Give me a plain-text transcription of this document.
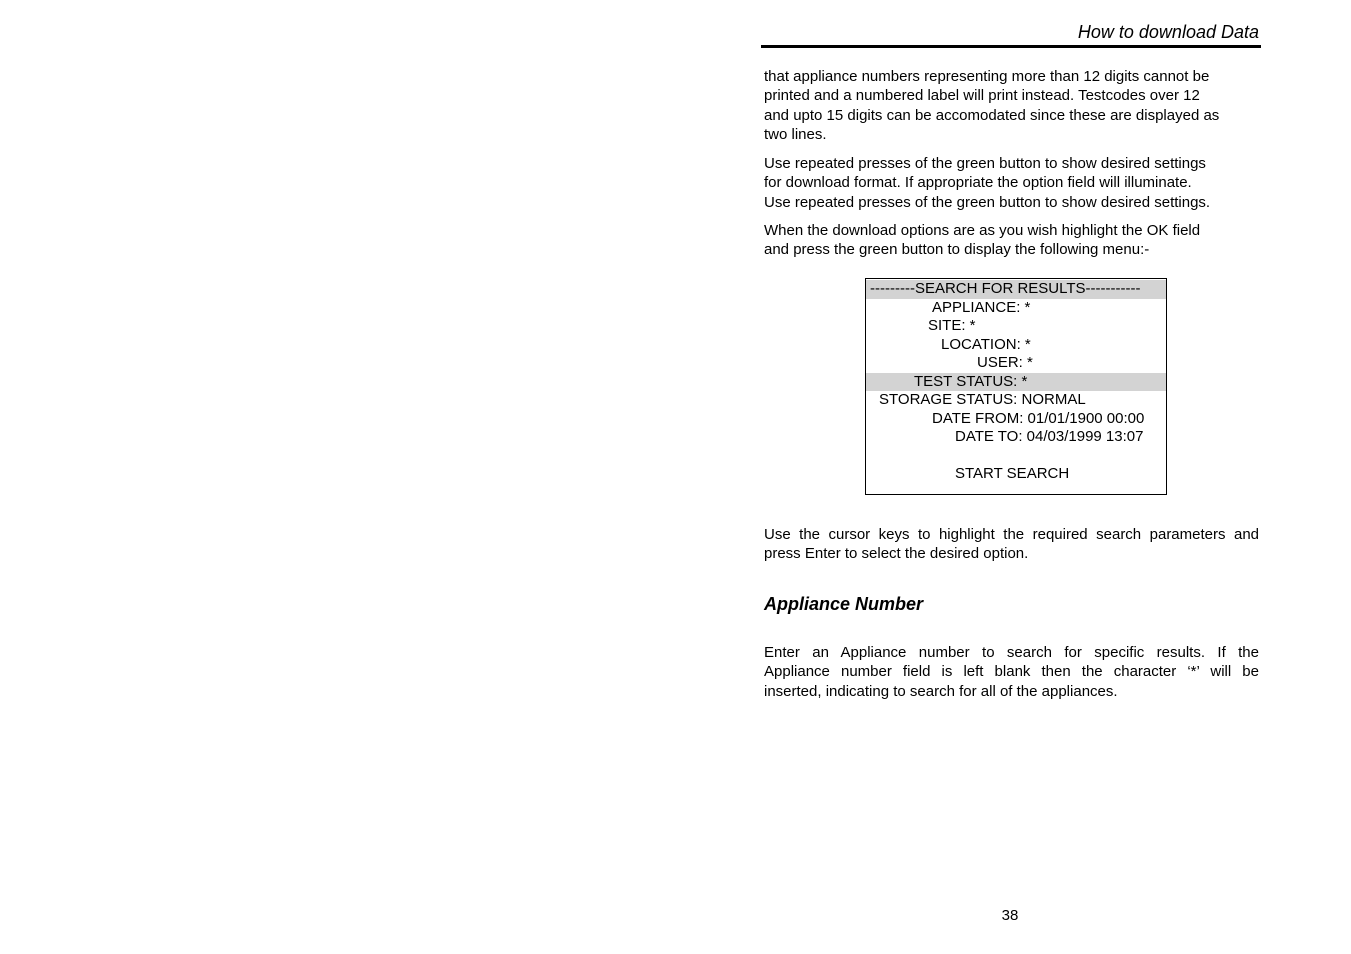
How to download Data

that appliance numbers representing more than 12 digits cannot be
printed and a numbered label will print instead. Testcodes over 12
and upto 15 digits can be accomodated since these are displayed as
two lines.

Use repeated presses of the green button to show desired settings
for download format. If appropriate the option field will illuminate.
Use repeated presses of the green button to show desired settings.

When the download options are as you wish highlight the OK field
and press the green button to display the following menu:-

---------SEARCH FOR RESULTS-----------
APPLIANCE: *
SITE: *
LOCATION: *
USER: *
TEST STATUS: *
STORAGE STATUS: NORMAL
DATE FROM: 01/01/1900 00:00
DATE TO: 04/03/1999 13:07
START SEARCH

Use the cursor keys to highlight the required search parameters and
press Enter to select the desired option.

Appliance Number

Enter an Appliance number to search for specific results. If the
Appliance number field is left blank then the character ‘*’ will be
inserted, indicating to search for all of the appliances.

38
